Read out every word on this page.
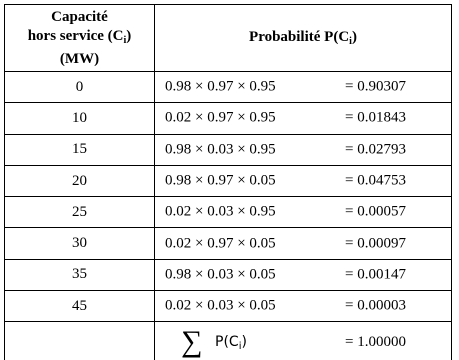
Capacité
hors service $(C_i)$
(MW)	Probabilité $P(C_i)$
0	0.98 × 0.97 × 0.95 = 0.90307

10	0.02 × 0.97 × 0.95 = 0.01843

15	0.98 × 0.03 × 0.95 = 0.02793

20	0.98 × 0.97 × 0.05 = 0.04753

25	0.02 × 0.03 × 0.95 = 0.00057

30	0.02 × 0.97 × 0.05 = 0.00097

35	0.98 × 0.03 × 0.05 = 0.00147

45	0.02 × 0.03 × 0.05 = 0.00003

	∑ $P(C_i) = 1.00000$
